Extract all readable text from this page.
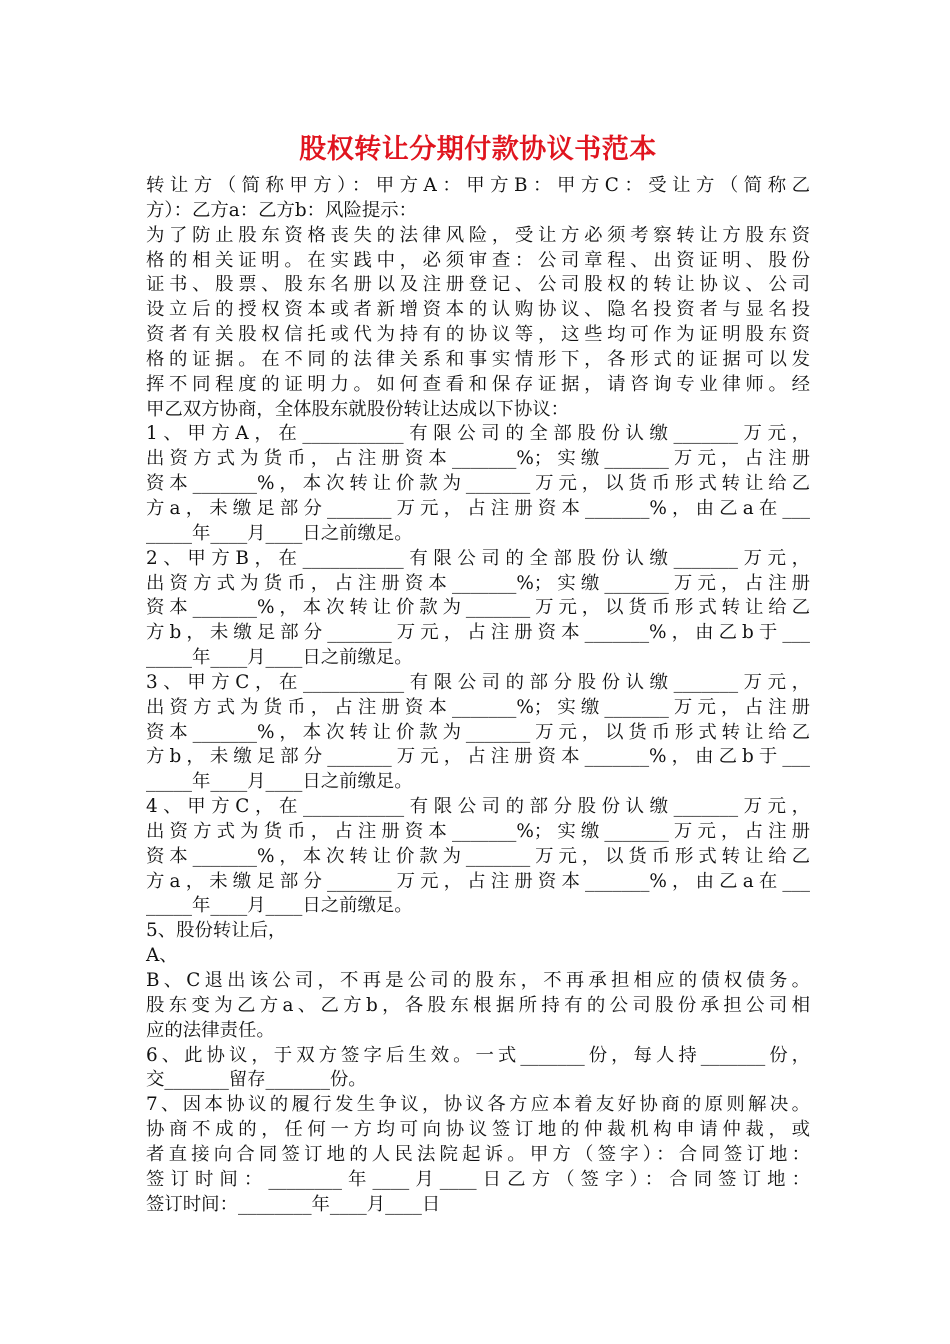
股权转让分期付款协议书范本
转让方（简称甲方）：甲方A：甲方B：甲方C：受让方（简称乙
方）：乙方a：乙方b：风险提示：
为了防止股东资格丧失的法律风险，受让方必须考察转让方股东资
格的相关证明。在实践中，必须审查：公司章程、出资证明、股份
证书、股票、股东名册以及注册登记、公司股权的转让协议、公司
设立后的授权资本或者新增资本的认购协议、隐名投资者与显名投
资者有关股权信托或代为持有的协议等，这些均可作为证明股东资
格的证据。在不同的法律关系和事实情形下，各形式的证据可以发
挥不同程度的证明力。如何查看和保存证据，请咨询专业律师。经
甲乙双方协商，全体股东就股份转让达成以下协议：
1、甲方A，在___________有限公司的全部股份认缴_______万元，
出资方式为货币，占注册资本_______%；实缴_______万元，占注册
资本_______%，本次转让价款为_______万元，以货币形式转让给乙
方a，未缴足部分_______万元，占注册资本_______%，由乙a在___
_____年____月____日之前缴足。
2、甲方B，在___________有限公司的全部股份认缴_______万元，
出资方式为货币，占注册资本_______%；实缴_______万元，占注册
资本_______%，本次转让价款为_______万元，以货币形式转让给乙
方b，未缴足部分_______万元，占注册资本_______%，由乙b于___
_____年____月____日之前缴足。
3、甲方C，在___________有限公司的部分股份认缴_______万元，
出资方式为货币，占注册资本_______%；实缴_______万元，占注册
资本_______%，本次转让价款为_______万元，以货币形式转让给乙
方b，未缴足部分_______万元，占注册资本_______%，由乙b于___
_____年____月____日之前缴足。
4、甲方C，在___________有限公司的部分股份认缴_______万元，
出资方式为货币，占注册资本_______%；实缴_______万元，占注册
资本_______%，本次转让价款为_______万元，以货币形式转让给乙
方a，未缴足部分_______万元，占注册资本_______%，由乙a在___
_____年____月____日之前缴足。
5、股份转让后，
A、
B、C退出该公司，不再是公司的股东，不再承担相应的债权债务。
股东变为乙方a、乙方b，各股东根据所持有的公司股份承担公司相
应的法律责任。
6、此协议，于双方签字后生效。一式_______份，每人持_______份，
交_______留存_______份。
7、因本协议的履行发生争议，协议各方应本着友好协商的原则解决。
协商不成的，任何一方均可向协议签订地的仲裁机构申请仲裁，或
者直接向合同签订地的人民法院起诉。甲方（签字）：合同签订地：
签订时间：________年____月____日乙方（签字）：合同签订地：
签订时间：________年____月____日
